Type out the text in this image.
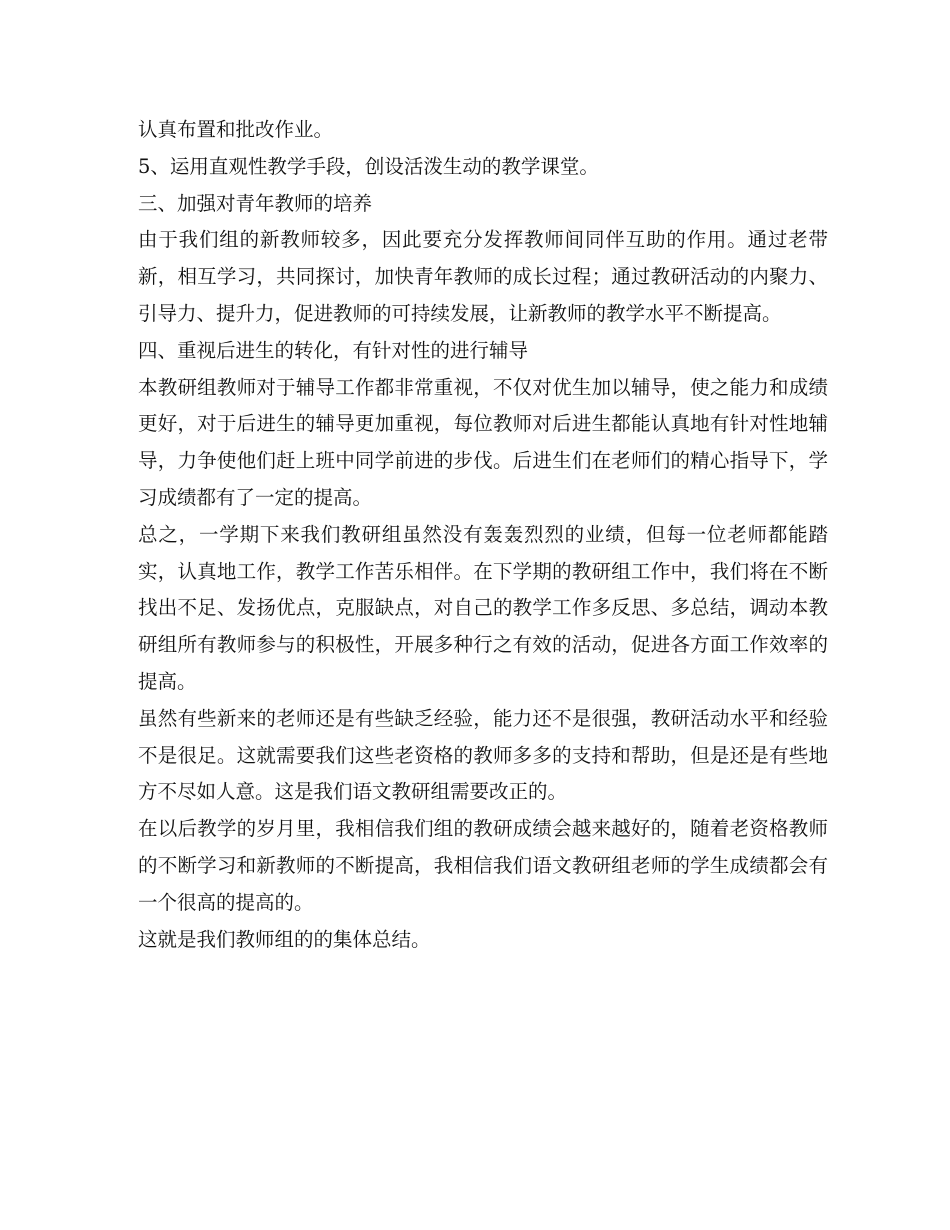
认真布置和批改作业。

5、运用直观性教学手段，创设活泼生动的教学课堂。

三、加强对青年教师的培养

由于我们组的新教师较多，因此要充分发挥教师间同伴互助的作用。通过老带新，相互学习，共同探讨，加快青年教师的成长过程；通过教研活动的内聚力、引导力、提升力，促进教师的可持续发展，让新教师的教学水平不断提高。

四、重视后进生的转化，有针对性的进行辅导

本教研组教师对于辅导工作都非常重视，不仅对优生加以辅导，使之能力和成绩更好，对于后进生的辅导更加重视，每位教师对后进生都能认真地有针对性地辅导，力争使他们赶上班中同学前进的步伐。后进生们在老师们的精心指导下，学习成绩都有了一定的提高。

总之，一学期下来我们教研组虽然没有轰轰烈烈的业绩，但每一位老师都能踏实，认真地工作，教学工作苦乐相伴。在下学期的教研组工作中，我们将在不断找出不足、发扬优点，克服缺点，对自己的教学工作多反思、多总结，调动本教研组所有教师参与的积极性，开展多种行之有效的活动，促进各方面工作效率的提高。

虽然有些新来的老师还是有些缺乏经验，能力还不是很强，教研活动水平和经验不是很足。这就需要我们这些老资格的教师多多的支持和帮助，但是还是有些地方不尽如人意。这是我们语文教研组需要改正的。

在以后教学的岁月里，我相信我们组的教研成绩会越来越好的，随着老资格教师的不断学习和新教师的不断提高，我相信我们语文教研组老师的学生成绩都会有一个很高的提高的。

这就是我们教师组的的集体总结。
